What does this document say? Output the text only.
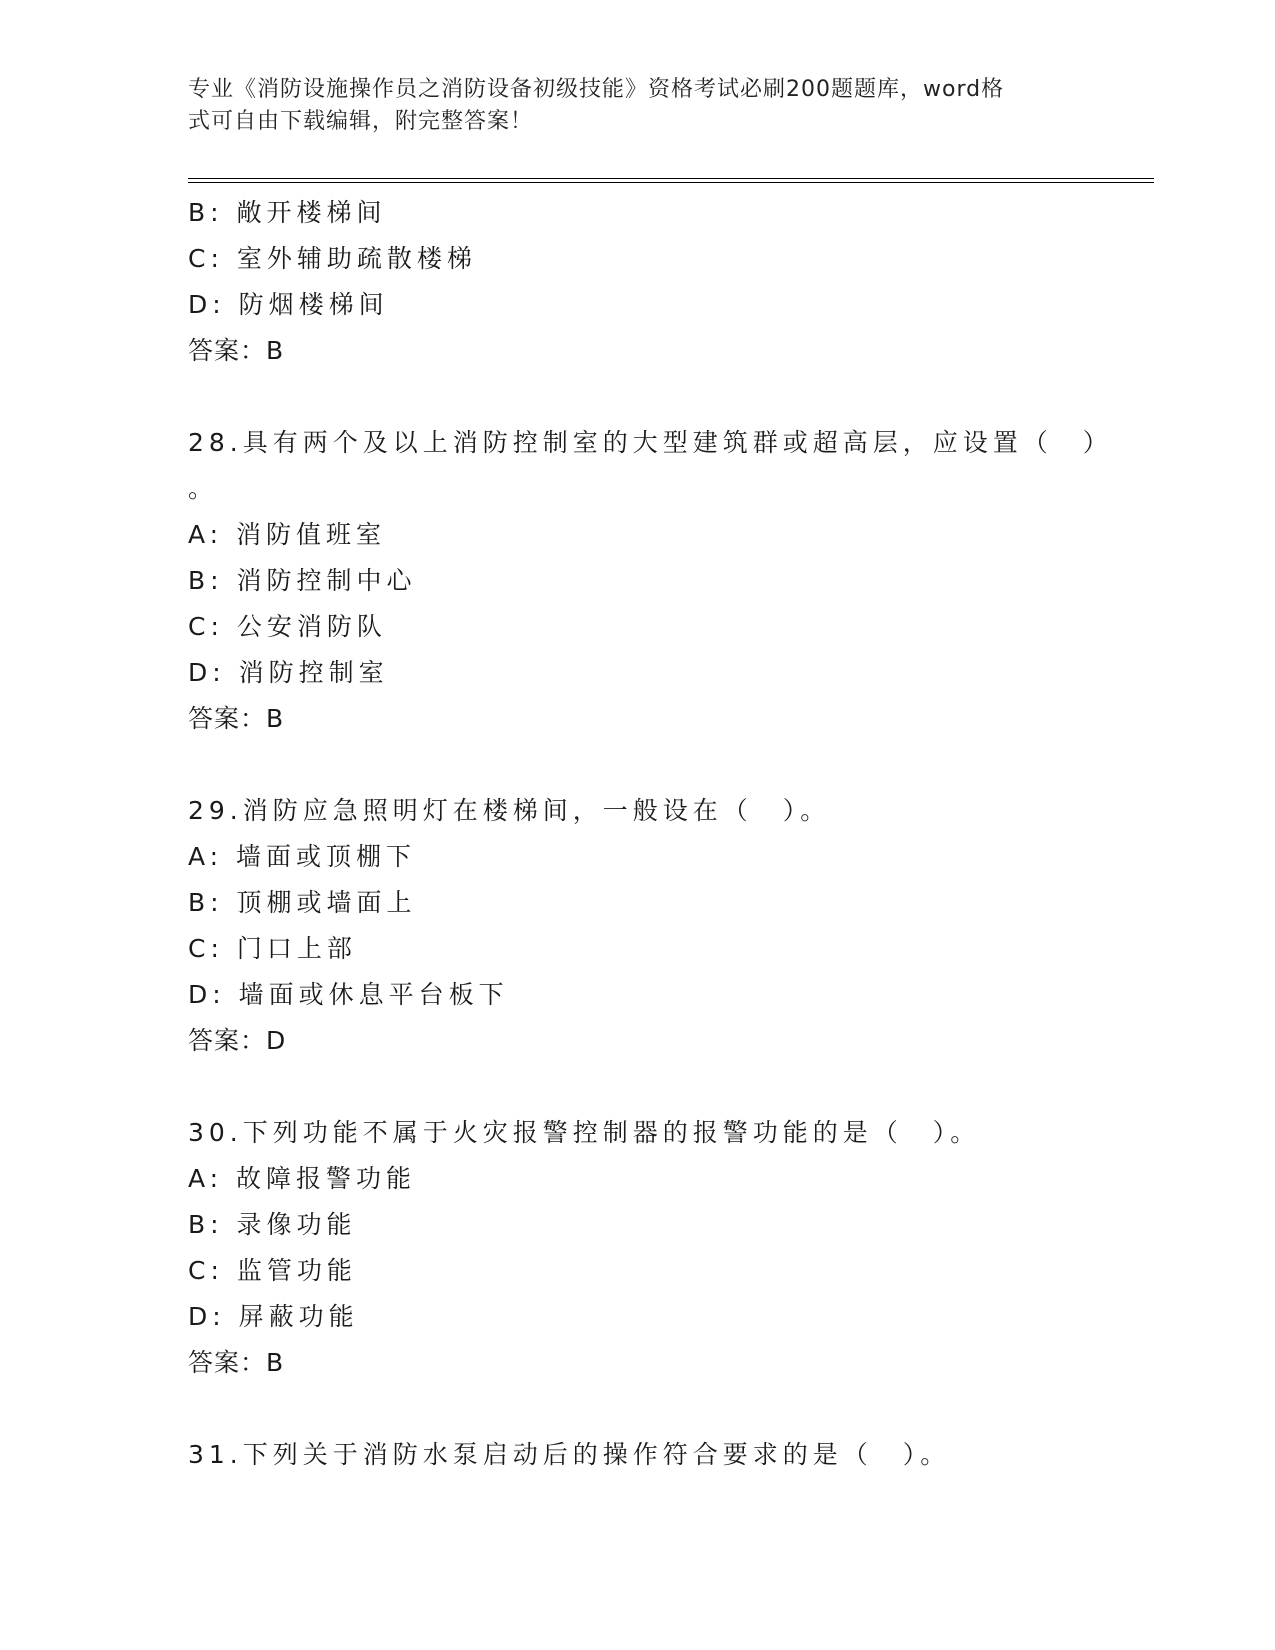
专业《消防设施操作员之消防设备初级技能》资格考试必刷200题题库，word格
式可自由下载编辑，附完整答案！
B: 敞开楼梯间
C: 室外辅助疏散楼梯
D: 防烟楼梯间
答案：B
28.具有两个及以上消防控制室的大型建筑群或超高层，应设置（　）
。
A: 消防值班室
B: 消防控制中心
C: 公安消防队
D: 消防控制室
答案：B
29.消防应急照明灯在楼梯间，一般设在（　）。
A: 墙面或顶棚下
B: 顶棚或墙面上
C: 门口上部
D: 墙面或休息平台板下
答案：D
30.下列功能不属于火灾报警控制器的报警功能的是（　）。
A: 故障报警功能
B: 录像功能
C: 监管功能
D: 屏蔽功能
答案：B
31.下列关于消防水泵启动后的操作符合要求的是（　）。
